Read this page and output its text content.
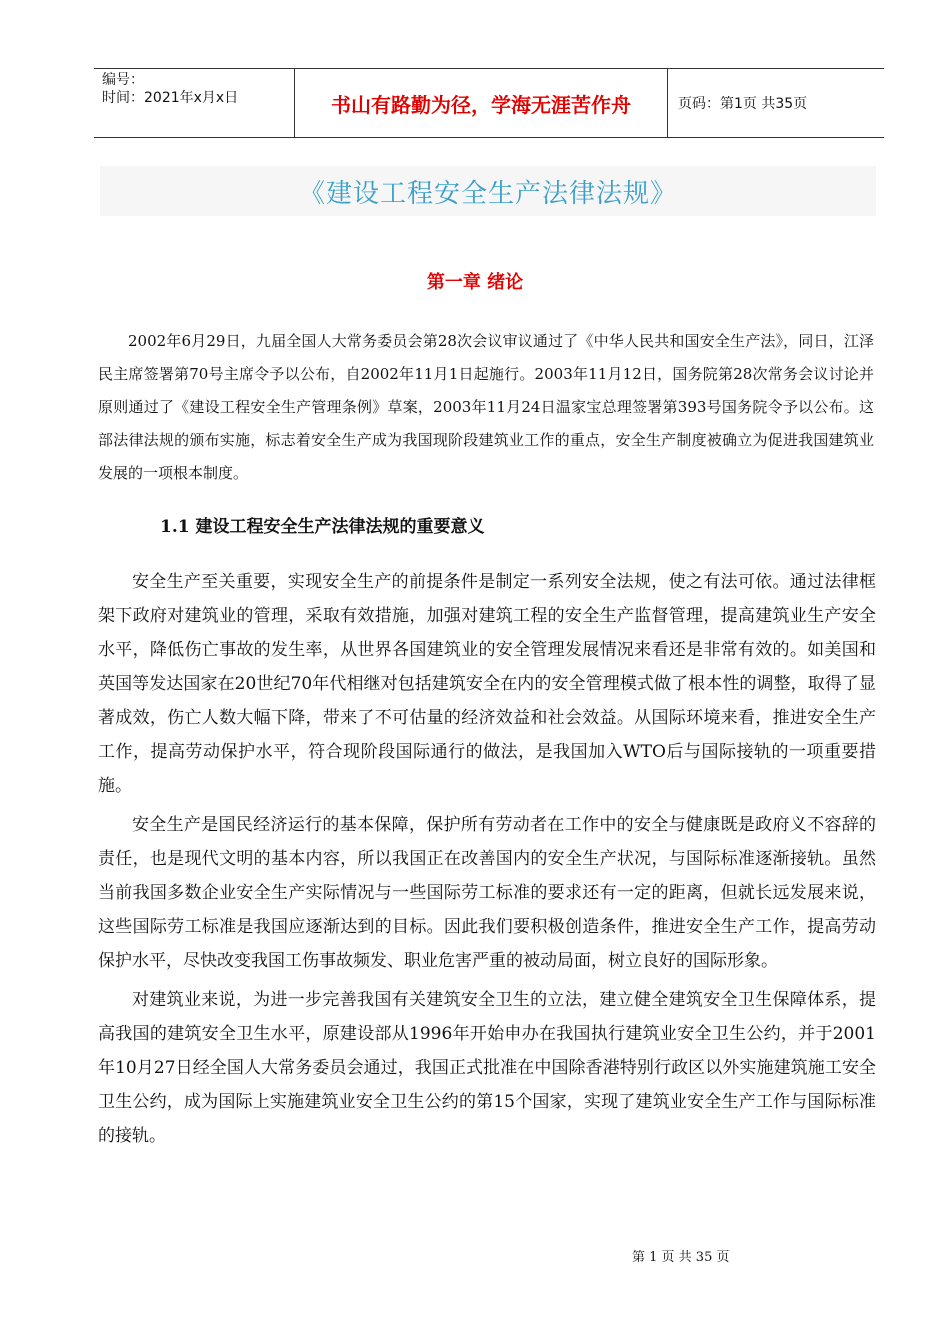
编号：
时间：2021年x月x日	书山有路勤为径，学海无涯苦作舟	页码：第1页 共35页
《建设工程安全生产法律法规》
第一章 绪论

2002年6月29日，九届全国人大常务委员会第28次会议审议通过了《中华人民共和国安全生产法》，同日，江泽民主席签署第70号主席令予以公布，自2002年11月1日起施行。2003年11月12日，国务院第28次常务会议讨论并原则通过了《建设工程安全生产管理条例》草案，2003年11月24日温家宝总理签署第393号国务院令予以公布。这部法律法规的颁布实施，标志着安全生产成为我国现阶段建筑业工作的重点，安全生产制度被确立为促进我国建筑业发展的一项根本制度。

1.1 建设工程安全生产法律法规的重要意义

安全生产至关重要，实现安全生产的前提条件是制定一系列安全法规，使之有法可依。通过法律框架下政府对建筑业的管理，采取有效措施，加强对建筑工程的安全生产监督管理，提高建筑业生产安全水平，降低伤亡事故的发生率，从世界各国建筑业的安全管理发展情况来看还是非常有效的。如美国和英国等发达国家在20世纪70年代相继对包括建筑安全在内的安全管理模式做了根本性的调整，取得了显著成效，伤亡人数大幅下降，带来了不可估量的经济效益和社会效益。从国际环境来看，推进安全生产工作，提高劳动保护水平，符合现阶段国际通行的做法，是我国加入WTO后与国际接轨的一项重要措施。

安全生产是国民经济运行的基本保障，保护所有劳动者在工作中的安全与健康既是政府义不容辞的责任，也是现代文明的基本内容，所以我国正在改善国内的安全生产状况，与国际标准逐渐接轨。虽然当前我国多数企业安全生产实际情况与一些国际劳工标准的要求还有一定的距离，但就长远发展来说，这些国际劳工标准是我国应逐渐达到的目标。因此我们要积极创造条件，推进安全生产工作，提高劳动保护水平，尽快改变我国工伤事故频发、职业危害严重的被动局面，树立良好的国际形象。

对建筑业来说，为进一步完善我国有关建筑安全卫生的立法，建立健全建筑安全卫生保障体系，提高我国的建筑安全卫生水平，原建设部从1996年开始申办在我国执行建筑业安全卫生公约，并于2001年10月27日经全国人大常务委员会通过，我国正式批准在中国除香港特别行政区以外实施建筑施工安全卫生公约，成为国际上实施建筑业安全卫生公约的第15个国家，实现了建筑业安全生产工作与国际标准的接轨。

第 1 页 共 35 页
